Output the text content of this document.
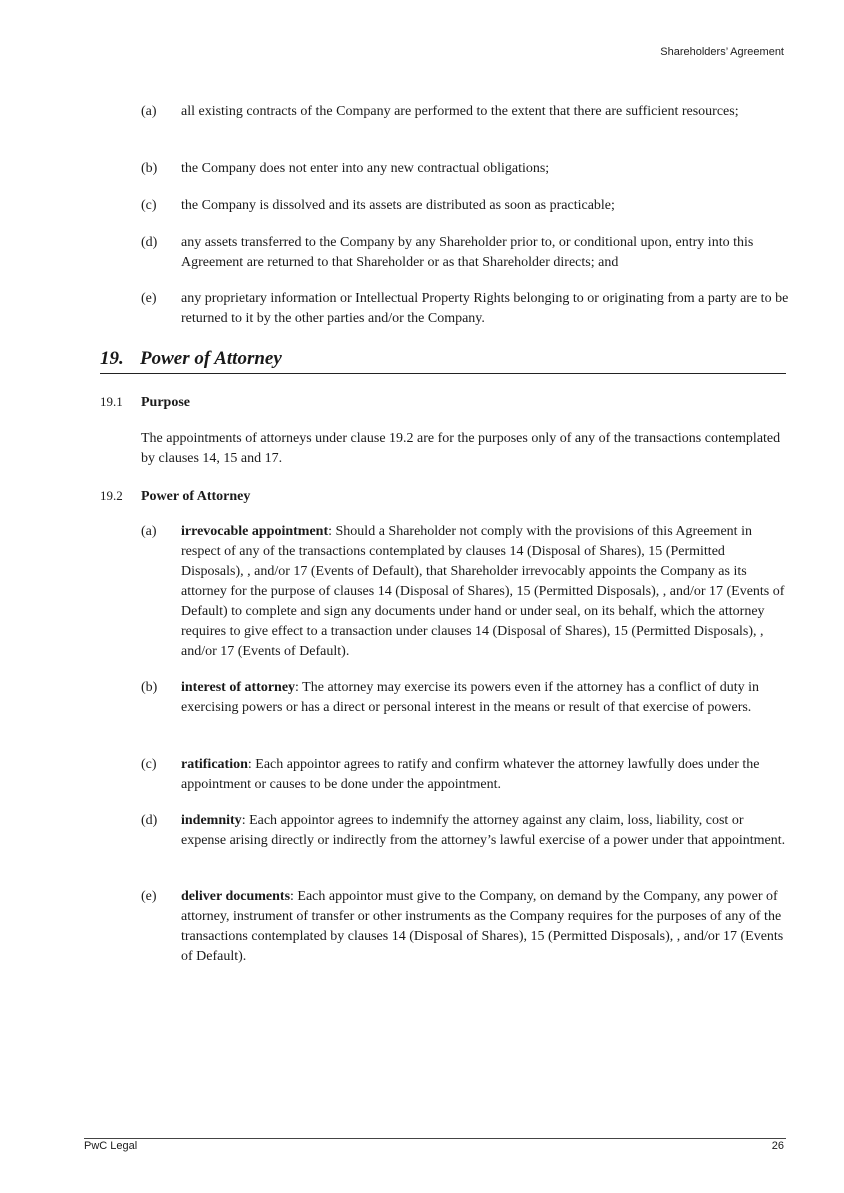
Shareholders’ Agreement
(a) all existing contracts of the Company are performed to the extent that there are sufficient resources;
(b) the Company does not enter into any new contractual obligations;
(c) the Company is dissolved and its assets are distributed as soon as practicable;
(d) any assets transferred to the Company by any Shareholder prior to, or conditional upon, entry into this Agreement are returned to that Shareholder or as that Shareholder directs; and
(e) any proprietary information or Intellectual Property Rights belonging to or originating from a party are to be returned to it by the other parties and/or the Company.
19. Power of Attorney
19.1 Purpose
The appointments of attorneys under clause 19.2 are for the purposes only of any of the transactions contemplated by clauses 14, 15 and 17.
19.2 Power of Attorney
(a) irrevocable appointment: Should a Shareholder not comply with the provisions of this Agreement in respect of any of the transactions contemplated by clauses 14 (Disposal of Shares), 15 (Permitted Disposals), , and/or 17 (Events of Default), that Shareholder irrevocably appoints the Company as its attorney for the purpose of clauses 14 (Disposal of Shares), 15 (Permitted Disposals), , and/or 17 (Events of Default) to complete and sign any documents under hand or under seal, on its behalf, which the attorney requires to give effect to a transaction under clauses 14 (Disposal of Shares), 15 (Permitted Disposals), , and/or 17 (Events of Default).
(b) interest of attorney: The attorney may exercise its powers even if the attorney has a conflict of duty in exercising powers or has a direct or personal interest in the means or result of that exercise of powers.
(c) ratification: Each appointor agrees to ratify and confirm whatever the attorney lawfully does under the appointment or causes to be done under the appointment.
(d) indemnity: Each appointor agrees to indemnify the attorney against any claim, loss, liability, cost or expense arising directly or indirectly from the attorney’s lawful exercise of a power under that appointment.
(e) deliver documents: Each appointor must give to the Company, on demand by the Company, any power of attorney, instrument of transfer or other instruments as the Company requires for the purposes of any of the transactions contemplated by clauses 14 (Disposal of Shares), 15 (Permitted Disposals), , and/or 17 (Events of Default).
PwC Legal	26
